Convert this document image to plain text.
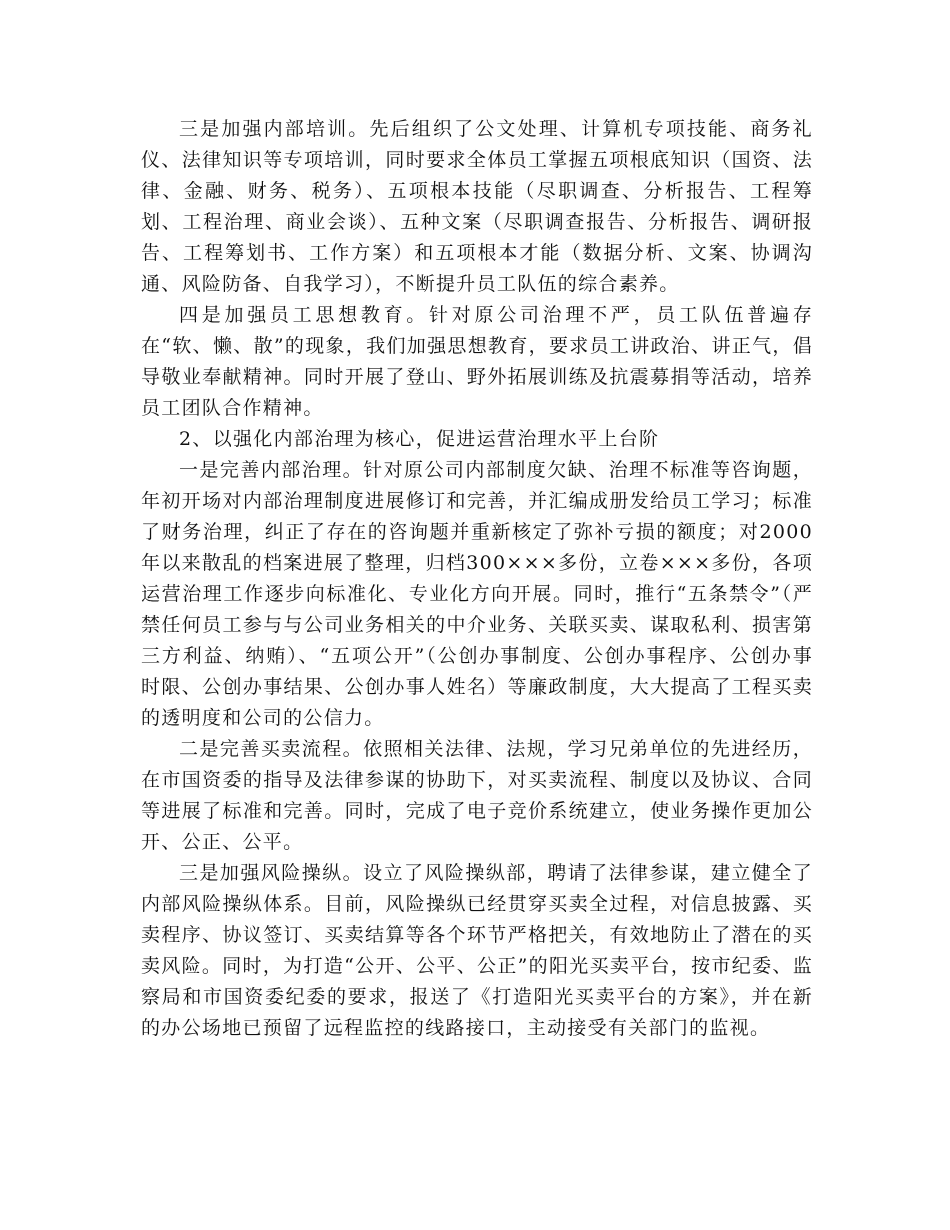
三是加强内部培训。先后组织了公文处理、计算机专项技能、商务礼仪、法律知识等专项培训，同时要求全体员工掌握五项根底知识（国资、法律、金融、财务、税务）、五项根本技能（尽职调查、分析报告、工程筹划、工程治理、商业会谈）、五种文案（尽职调查报告、分析报告、调研报告、工程筹划书、工作方案）和五项根本才能（数据分析、文案、协调沟通、风险防备、自我学习），不断提升员工队伍的综合素养。

四是加强员工思想教育。针对原公司治理不严，员工队伍普遍存在“软、懒、散”的现象，我们加强思想教育，要求员工讲政治、讲正气，倡导敬业奉献精神。同时开展了登山、野外拓展训练及抗震募捐等活动，培养员工团队合作精神。

2、以强化内部治理为核心，促进运营治理水平上台阶

一是完善内部治理。针对原公司内部制度欠缺、治理不标准等咨询题，年初开场对内部治理制度进展修订和完善，并汇编成册发给员工学习；标准了财务治理，纠正了存在的咨询题并重新核定了弥补亏损的额度；对2000年以来散乱的档案进展了整理，归档300×××多份，立卷×××多份，各项运营治理工作逐步向标准化、专业化方向开展。同时，推行“五条禁令”（严禁任何员工参与与公司业务相关的中介业务、关联买卖、谋取私利、损害第三方利益、纳贿）、“五项公开”（公创办事制度、公创办事程序、公创办事时限、公创办事结果、公创办事人姓名）等廉政制度，大大提高了工程买卖的透明度和公司的公信力。

二是完善买卖流程。依照相关法律、法规，学习兄弟单位的先进经历，在市国资委的指导及法律参谋的协助下，对买卖流程、制度以及协议、合同等进展了标准和完善。同时，完成了电子竞价系统建立，使业务操作更加公开、公正、公平。

三是加强风险操纵。设立了风险操纵部，聘请了法律参谋，建立健全了内部风险操纵体系。目前，风险操纵已经贯穿买卖全过程，对信息披露、买卖程序、协议签订、买卖结算等各个环节严格把关，有效地防止了潜在的买卖风险。同时，为打造“公开、公平、公正”的阳光买卖平台，按市纪委、监察局和市国资委纪委的要求，报送了《打造阳光买卖平台的方案》，并在新的办公场地已预留了远程监控的线路接口，主动接受有关部门的监视。
